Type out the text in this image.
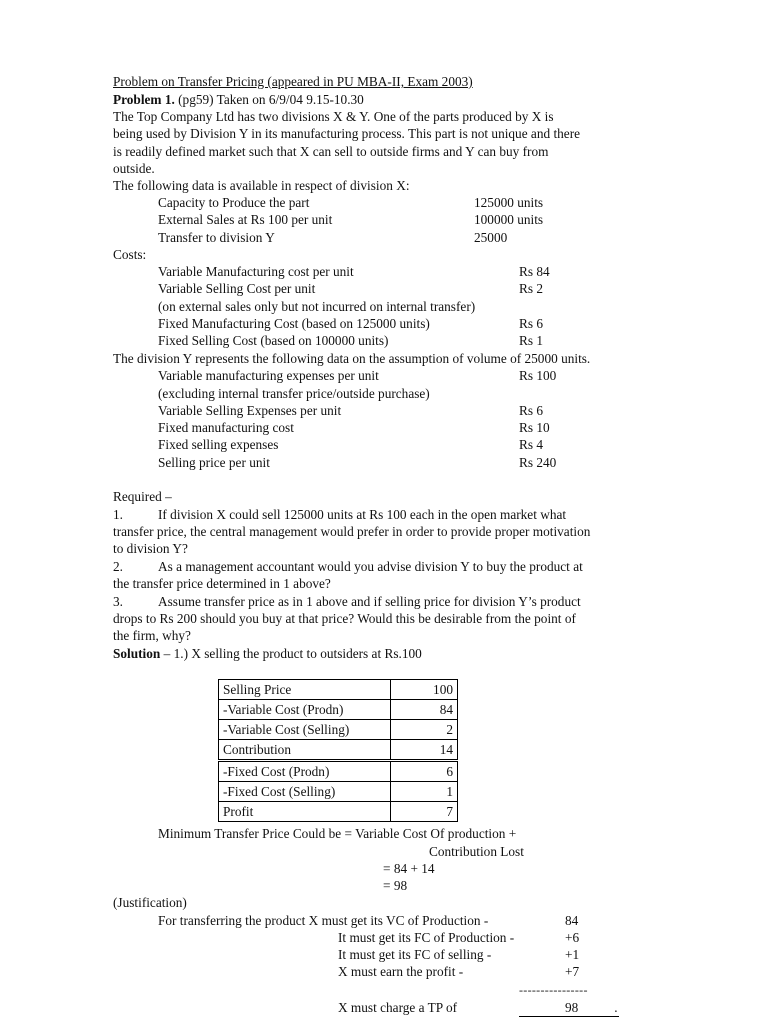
Problem on Transfer Pricing (appeared in PU MBA-II, Exam 2003)
Problem 1. (pg59) Taken on 6/9/04 9.15-10.30
The Top Company Ltd has two divisions X & Y. One of the parts produced by X is
being used by Division Y in its manufacturing process. This part is not unique and there
is readily defined market such that X can sell to outside firms and Y can buy from
outside.
The following data is available in respect of division X:
Capacity to Produce the part	125000 units
External Sales at Rs 100 per unit	100000 units
Transfer to division Y	25000
Costs:
Variable Manufacturing cost per unit	Rs 84
Variable Selling Cost per unit	Rs 2
(on external sales only but not incurred on internal transfer)
Fixed Manufacturing Cost (based on 125000 units)	Rs 6
Fixed Selling Cost (based on 100000 units)	Rs 1
The division Y represents the following data on the assumption of volume of 25000 units.
Variable manufacturing expenses per unit	Rs 100
(excluding internal transfer price/outside purchase)
Variable Selling Expenses per unit	Rs 6
Fixed manufacturing cost	Rs 10
Fixed selling expenses	Rs 4
Selling price per unit	Rs 240
Required –
1.	If division X could sell 125000 units at Rs 100 each in the open market what
transfer price, the central management would prefer in order to provide proper motivation
to division Y?
2.	As a management accountant would you advise division Y to buy the product at
the transfer price determined in 1 above?
3.	Assume transfer price as in 1 above and if selling price for division Y’s product
drops to Rs 200 should you buy at that price? Would this be desirable from the point of
the firm, why?
Solution – 1.) X selling the product to outsiders at Rs.100
Selling Price	100
-Variable Cost (Prodn)	84
-Variable Cost (Selling)	2
Contribution	14
-Fixed Cost (Prodn)	6
-Fixed Cost (Selling)	1
Profit	7
Minimum Transfer Price Could be = Variable Cost Of production +
Contribution Lost
= 84 + 14
= 98
(Justification)
For transferring the product X must get its VC of Production -	84
It must get its FC of Production -	+6
It must get its FC of selling -	+1
X must earn the profit -	+7
----------------
X must charge a TP of	98	.
